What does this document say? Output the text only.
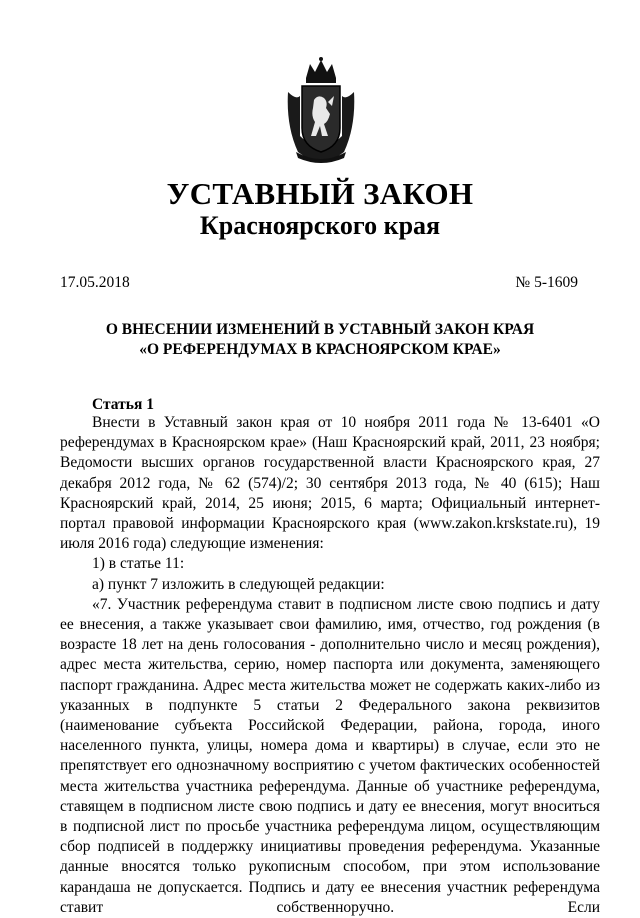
УСТАВНЫЙ ЗАКОН
Красноярского края
17.05.2018	№ 5-1609
О ВНЕСЕНИИ ИЗМЕНЕНИЙ В УСТАВНЫЙ ЗАКОН КРАЯ
«О РЕФЕРЕНДУМАХ В КРАСНОЯРСКОМ КРАЕ»
Статья 1

Внести в Уставный закон края от 10 ноября 2011 года № 13-6401 «О референдумах в Красноярском крае» (Наш Красноярский край, 2011, 23 ноября; Ведомости высших органов государственной власти Красноярского края, 27 декабря 2012 года, № 62 (574)/2; 30 сентября 2013 года, № 40 (615); Наш Красноярский край, 2014, 25 июня; 2015, 6 марта; Официальный интернет-портал правовой информации Красноярского края (www.zakon.krskstate.ru), 19 июля 2016 года) следующие изменения:

1) в статье 11:

а) пункт 7 изложить в следующей редакции:

«7. Участник референдума ставит в подписном листе свою подпись и дату ее внесения, а также указывает свои фамилию, имя, отчество, год рождения (в возрасте 18 лет на день голосования - дополнительно число и месяц рождения), адрес места жительства, серию, номер паспорта или документа, заменяющего паспорт гражданина. Адрес места жительства может не содержать каких-либо из указанных в подпункте 5 статьи 2 Федерального закона реквизитов (наименование субъекта Российской Федерации, района, города, иного населенного пункта, улицы, номера дома и квартиры) в случае, если это не препятствует его однозначному восприятию с учетом фактических особенностей места жительства участника референдума. Данные об участнике референдума, ставящем в подписном листе свою подпись и дату ее внесения, могут вноситься в подписной лист по просьбе участника референдума лицом, осуществляющим сбор подписей в поддержку инициативы проведения референдума. Указанные данные вносятся только рукописным способом, при этом использование карандаша не допускается. Подпись и дату ее внесения участник референдума ставит собственноручно. Если
